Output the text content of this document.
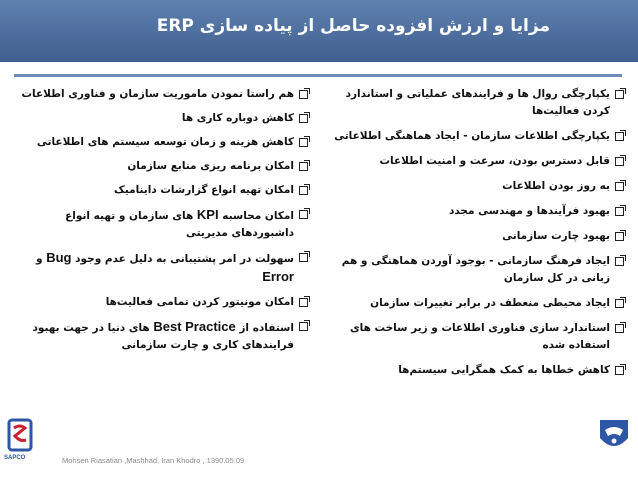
مزایا و ارزش افزوده حاصل از پیاده سازی ERP
یکپارچگی روال ها و فرایندهای عملیاتی و استاندارد کردن فعالیت‌ها
یکپارچگی اطلاعات سازمان - ایجاد هماهنگی اطلاعاتی
قابل دسترس بودن، سرعت و امنیت اطلاعات
به روز بودن اطلاعات
بهبود فرآیندها و مهندسی مجدد
بهبود چارت سازمانی
ایجاد فرهنگ سازمانی - بوجود آوردن هماهنگی و هم زبانی در کل سازمان
ایجاد محیطی منعطف در برابر تغییرات سازمان
استاندارد سازی فناوری اطلاعات و زیر ساخت های استفاده شده
کاهش خطاها به کمک همگرایی سیستم‌ها
هم راستا نمودن ماموریت سازمان و فناوری اطلاعات
کاهش دوباره کاری ها
کاهش هزینه و زمان توسعه سیستم های اطلاعاتی
امکان برنامه ریزی منابع سازمان
امکان تهیه انواع گزارشات داینامیک
امکان محاسبه KPI های سازمان و تهیه انواع داشبوردهای مدیریتی
سهولت در امر پشتیبانی به دلیل عدم وجود Bug و Error
امکان مونیتور کردن تمامی فعالیت‌ها
استفاده از Best Practice های دنیا در جهت بهبود فرایندهای کاری و چارت سازمانی
SAPCO	Mohsen Riasatian ,Mashhad, Iran Khodro , 1390.05.09
